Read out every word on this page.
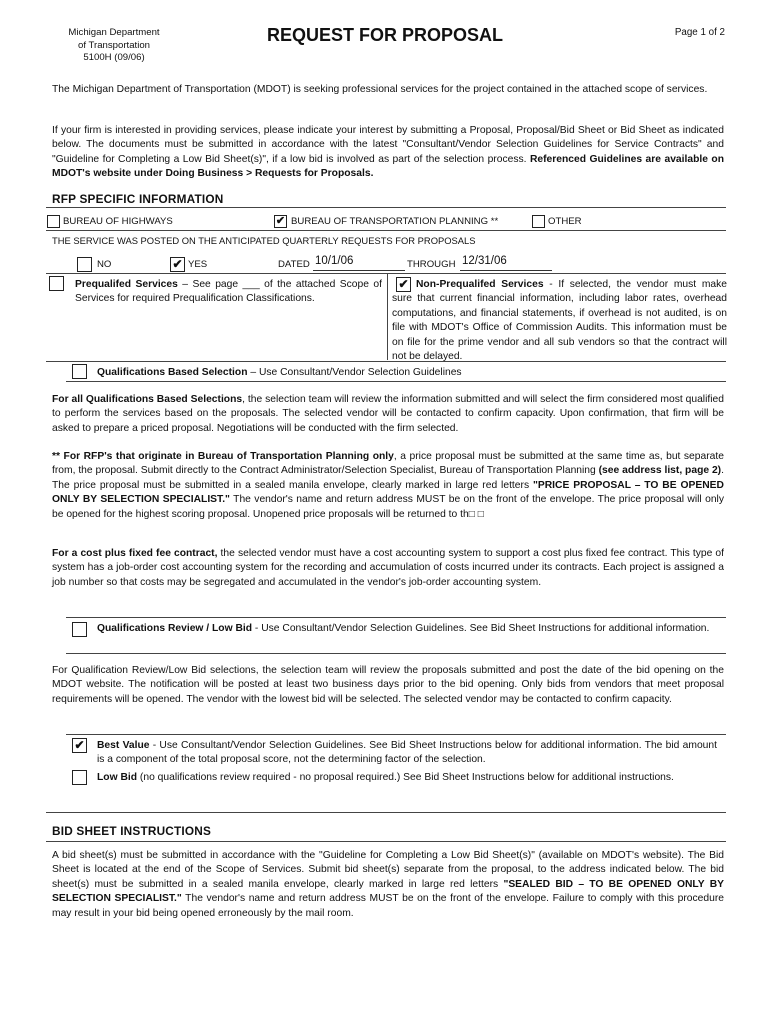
Michigan Department
of Transportation
5100H (09/06)
REQUEST FOR PROPOSAL	Page 1 of 2
The Michigan Department of Transportation (MDOT) is seeking professional services for the project contained in the attached scope of services.
If your firm is interested in providing services, please indicate your interest by submitting a Proposal, Proposal/Bid Sheet or Bid Sheet as indicated below. The documents must be submitted in accordance with the latest "Consultant/Vendor Selection Guidelines for Service Contracts" and "Guideline for Completing a Low Bid Sheet(s)", if a low bid is involved as part of the selection process. Referenced Guidelines are available on MDOT's website under Doing Business > Requests for Proposals.
RFP SPECIFIC INFORMATION
BUREAU OF HIGHWAYS	✔ BUREAU OF TRANSPORTATION PLANNING **	OTHER
THE SERVICE WAS POSTED ON THE ANTICIPATED QUARTERLY REQUESTS FOR PROPOSALS
NO	✔ YES	DATED 10/1/06	THROUGH 12/31/06
Prequalifed Services – See page ___ of the attached Scope of Services for required Prequalification Classifications.
✔ Non-Prequalifed Services - If selected, the vendor must make sure that current financial information, including labor rates, overhead computations, and financial statements, if overhead is not audited, is on file with MDOT's Office of Commission Audits. This information must be on file for the prime vendor and all sub vendors so that the contract will not be delayed.
Qualifications Based Selection – Use Consultant/Vendor Selection Guidelines
For all Qualifications Based Selections, the selection team will review the information submitted and will select the firm considered most qualified to perform the services based on the proposals. The selected vendor will be contacted to confirm capacity. Upon confirmation, that firm will be asked to prepare a priced proposal. Negotiations will be conducted with the firm selected.
** For RFP's that originate in Bureau of Transportation Planning only, a price proposal must be submitted at the same time as, but separate from, the proposal. Submit directly to the Contract Administrator/Selection Specialist, Bureau of Transportation Planning (see address list, page 2). The price proposal must be submitted in a sealed manila envelope, clearly marked in large red letters "PRICE PROPOSAL – TO BE OPENED ONLY BY SELECTION SPECIALIST." The vendor's name and return address MUST be on the front of the envelope. The price proposal will only be opened for the highest scoring proposal. Unopened price proposals will be returned to th□ □
For a cost plus fixed fee contract, the selected vendor must have a cost accounting system to support a cost plus fixed fee contract. This type of system has a job-order cost accounting system for the recording and accumulation of costs incurred under its contracts. Each project is assigned a job number so that costs may be segregated and accumulated in the vendor's job-order accounting system.
Qualifications Review / Low Bid - Use Consultant/Vendor Selection Guidelines. See Bid Sheet Instructions for additional information.
For Qualification Review/Low Bid selections, the selection team will review the proposals submitted and post the date of the bid opening on the MDOT website. The notification will be posted at least two business days prior to the bid opening. Only bids from vendors that meet proposal requirements will be opened. The vendor with the lowest bid will be selected. The selected vendor may be contacted to confirm capacity.
✔ Best Value - Use Consultant/Vendor Selection Guidelines. See Bid Sheet Instructions below for additional information. The bid amount is a component of the total proposal score, not the determining factor of the selection.
Low Bid (no qualifications review required - no proposal required.) See Bid Sheet Instructions below for additional instructions.
BID SHEET INSTRUCTIONS
A bid sheet(s) must be submitted in accordance with the "Guideline for Completing a Low Bid Sheet(s)" (available on MDOT's website). The Bid Sheet is located at the end of the Scope of Services. Submit bid sheet(s) separate from the proposal, to the address indicated below. The bid sheet(s) must be submitted in a sealed manila envelope, clearly marked in large red letters "SEALED BID – TO BE OPENED ONLY BY SELECTION SPECIALIST." The vendor's name and return address MUST be on the front of the envelope. Failure to comply with this procedure may result in your bid being opened erroneously by the mail room.
